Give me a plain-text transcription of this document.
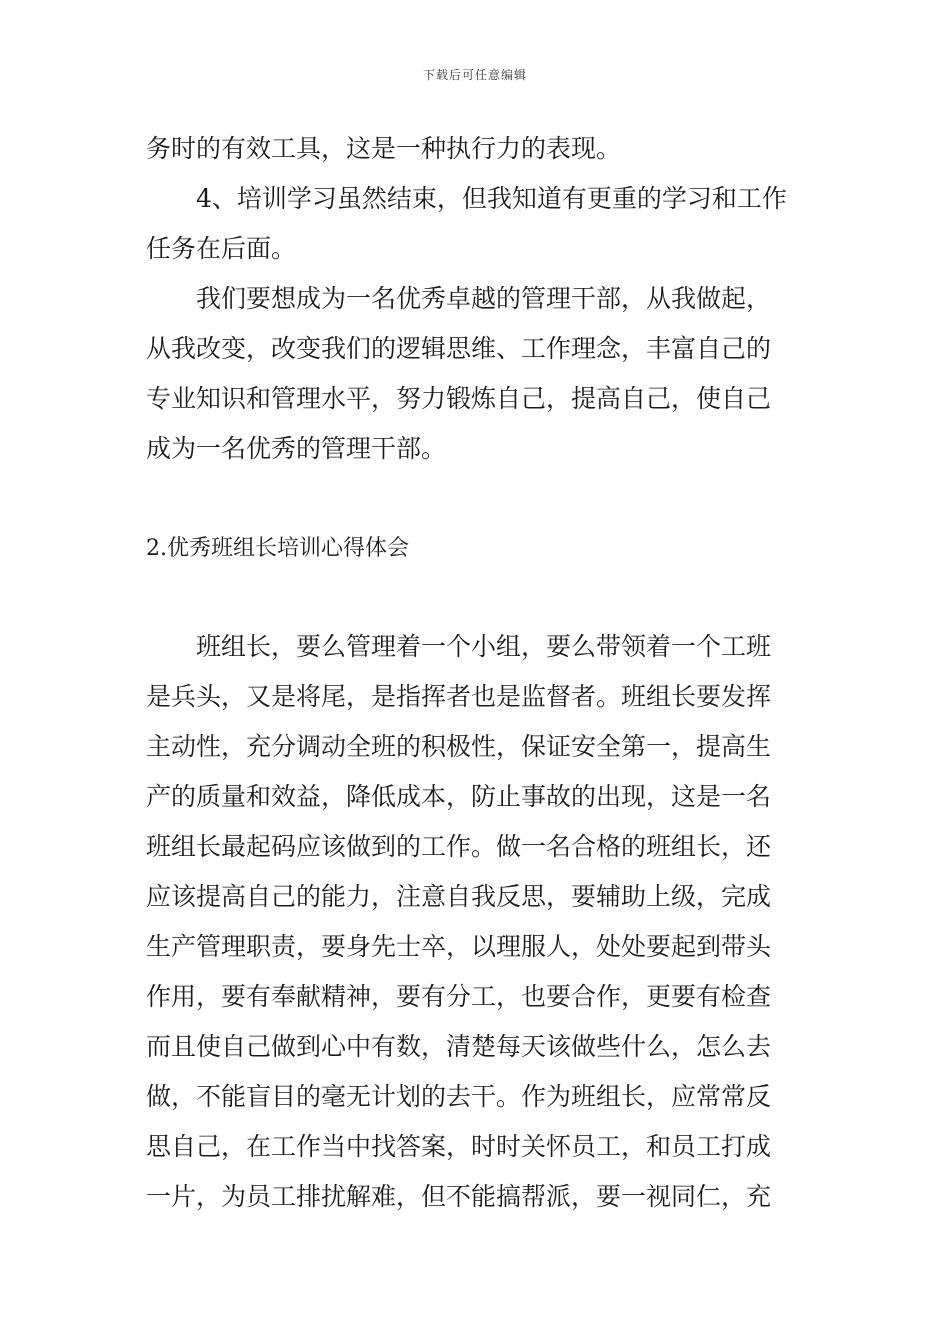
下载后可任意编辑
务时的有效工具，这是一种执行力的表现。
4、培训学习虽然结束，但我知道有更重的学习和工作
任务在后面。
我们要想成为一名优秀卓越的管理干部，从我做起，
从我改变，改变我们的逻辑思维、工作理念，丰富自己的
专业知识和管理水平，努力锻炼自己，提高自己，使自己
成为一名优秀的管理干部。
2.优秀班组长培训心得体会
班组长，要么管理着一个小组，要么带领着一个工班
是兵头，又是将尾，是指挥者也是监督者。班组长要发挥
主动性，充分调动全班的积极性，保证安全第一，提高生
产的质量和效益，降低成本，防止事故的出现，这是一名
班组长最起码应该做到的工作。做一名合格的班组长，还
应该提高自己的能力，注意自我反思，要辅助上级，完成
生产管理职责，要身先士卒，以理服人，处处要起到带头
作用，要有奉献精神，要有分工，也要合作，更要有检查
而且使自己做到心中有数，清楚每天该做些什么，怎么去
做，不能盲目的毫无计划的去干。作为班组长，应常常反
思自己，在工作当中找答案，时时关怀员工，和员工打成
一片，为员工排扰解难，但不能搞帮派，要一视同仁，充
